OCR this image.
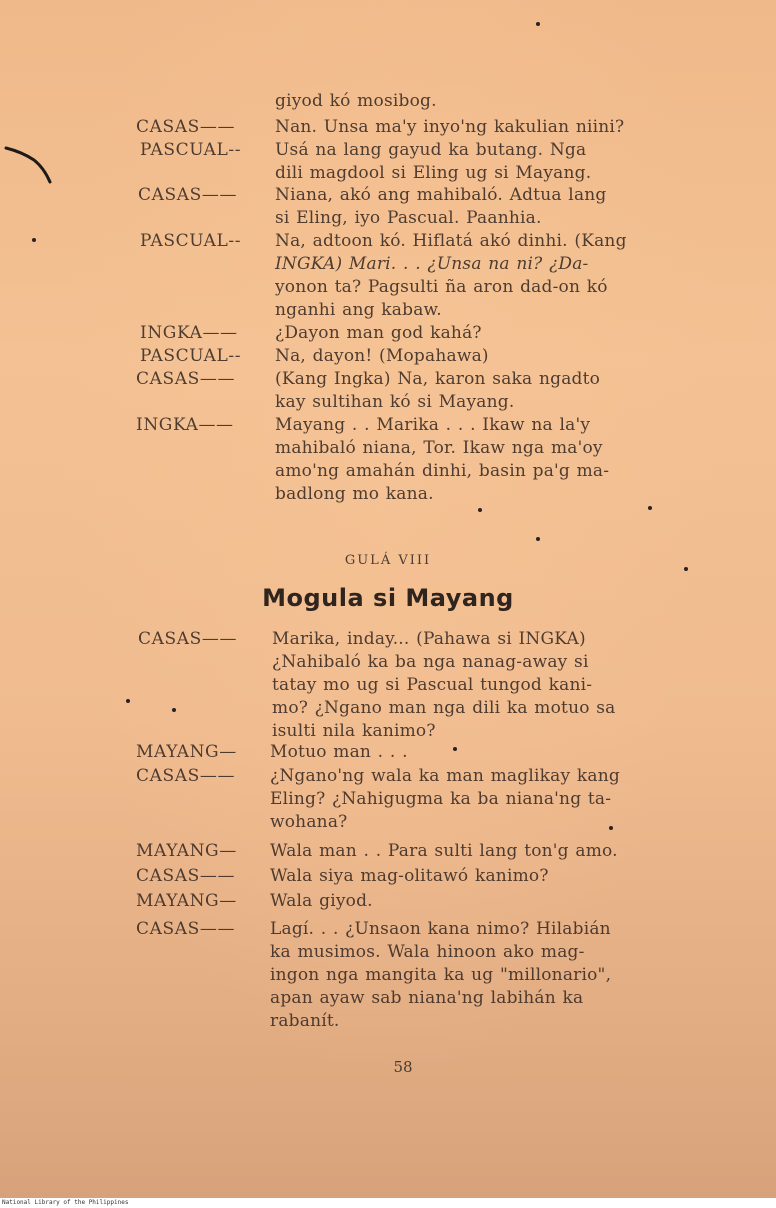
giyod kó mosibog.
CASAS—— Nan. Unsa ma'y inyo'ng kakulian niini?
PASCUAL-- Usá na lang gayud ka butang. Nga
dili magdool si Eling ug si Mayang.
CASAS—— Niana, akó ang mahibaló. Adtua lang
si Eling, iyo Pascual. Paanhia.
PASCUAL-- Na, adtoon kó. Hiflatá akó dinhi. (Kang
INGKA) Mari. . . ¿Unsa na ni? ¿Da-
yonon ta? Pagsulti ña aron dad-on kó
nganhi ang kabaw.
INGKA—— ¿Dayon man god kahá?
PASCUAL-- Na, dayon! (Mopahawa)
CASAS—— (Kang Ingka) Na, karon saka ngadto
kay sultihan kó si Mayang.
INGKA—— Mayang . . Marika . . . Ikaw na la'y
mahibaló niana, Tor. Ikaw nga ma'oy
amo'ng amahán dinhi, basin pa'g ma-
badlong mo kana.
GULÁ VIII
Mogula si Mayang
CASAS—— Marika, inday... (Pahawa si INGKA)
¿Nahibaló ka ba nga nanag-away si
tatay mo ug si Pascual tungod kani-
mo? ¿Ngano man nga dili ka motuo sa
isulti nila kanimo?
MAYANG— Motuo man . . .
CASAS—— ¿Ngano'ng wala ka man maglikay kang
Eling? ¿Nahigugma ka ba niana'ng ta-
wohana?
MAYANG— Wala man . . Para sulti lang ton'g amo.
CASAS—— Wala siya mag-olitawó kanimo?
MAYANG— Wala giyod.
CASAS—— Lagí. . . ¿Unsaon kana nimo? Hilabián
ka musimos. Wala hinoon ako mag-
ingon nga mangita ka ug "millonario",
apan ayaw sab niana'ng labihán ka
rabanít.
58
National Library of the Philippines
